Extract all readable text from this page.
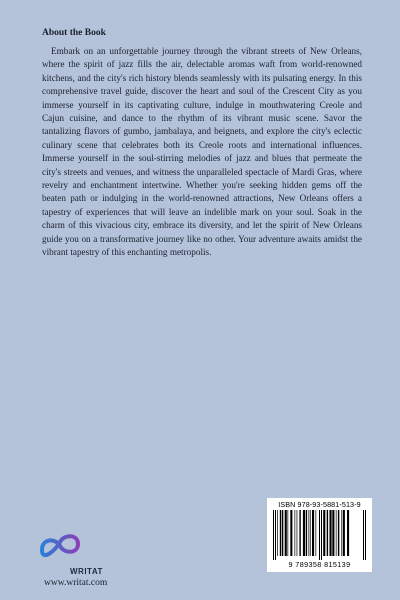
About the Book

Embark on an unforgettable journey through the vibrant streets of New Orleans, where the spirit of jazz fills the air, delectable aromas waft from world-renowned kitchens, and the city's rich history blends seamlessly with its pulsating energy. In this comprehensive travel guide, discover the heart and soul of the Crescent City as you immerse yourself in its captivating culture, indulge in mouthwatering Creole and Cajun cuisine, and dance to the rhythm of its vibrant music scene. Savor the tantalizing flavors of gumbo, jambalaya, and beignets, and explore the city's eclectic culinary scene that celebrates both its Creole roots and international influences. Immerse yourself in the soul-stirring melodies of jazz and blues that permeate the city's streets and venues, and witness the unparalleled spectacle of Mardi Gras, where revelry and enchantment intertwine. Whether you're seeking hidden gems off the beaten path or indulging in the world-renowned attractions, New Orleans offers a tapestry of experiences that will leave an indelible mark on your soul. Soak in the charm of this vivacious city, embrace its diversity, and let the spirit of New Orleans guide you on a transformative journey like no other. Your adventure awaits amidst the vibrant tapestry of this enchanting metropolis.

ISBN 978-93-5881-513-9
9 789358 815139
WRITAT
www.writat.com
